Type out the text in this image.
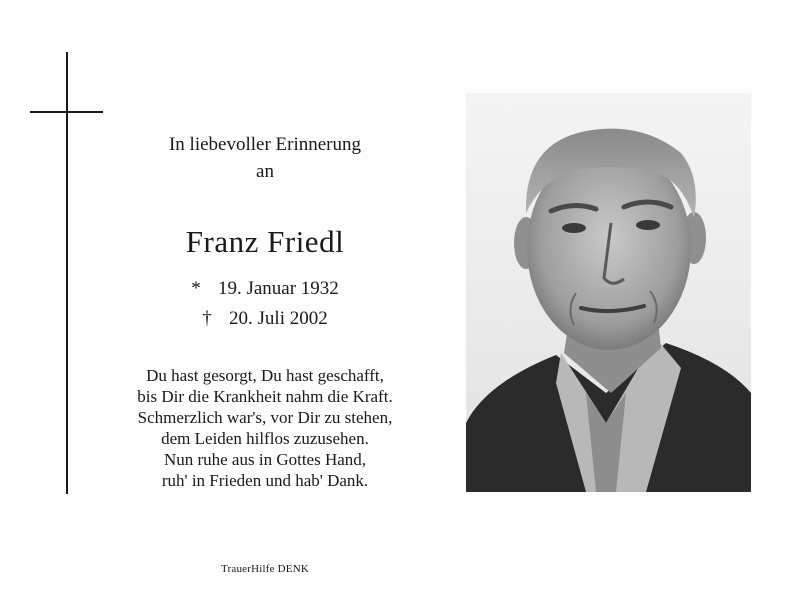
In liebevoller Erinnerung
an
Franz Friedl
* 19. Januar 1932
† 20. Juli 2002
Du hast gesorgt, Du hast geschafft,
bis Dir die Krankheit nahm die Kraft.
Schmerzlich war's, vor Dir zu stehen,
dem Leiden hilflos zuzusehen.
Nun ruhe aus in Gottes Hand,
ruh' in Frieden und hab' Dank.
TrauerHilfe DENK
